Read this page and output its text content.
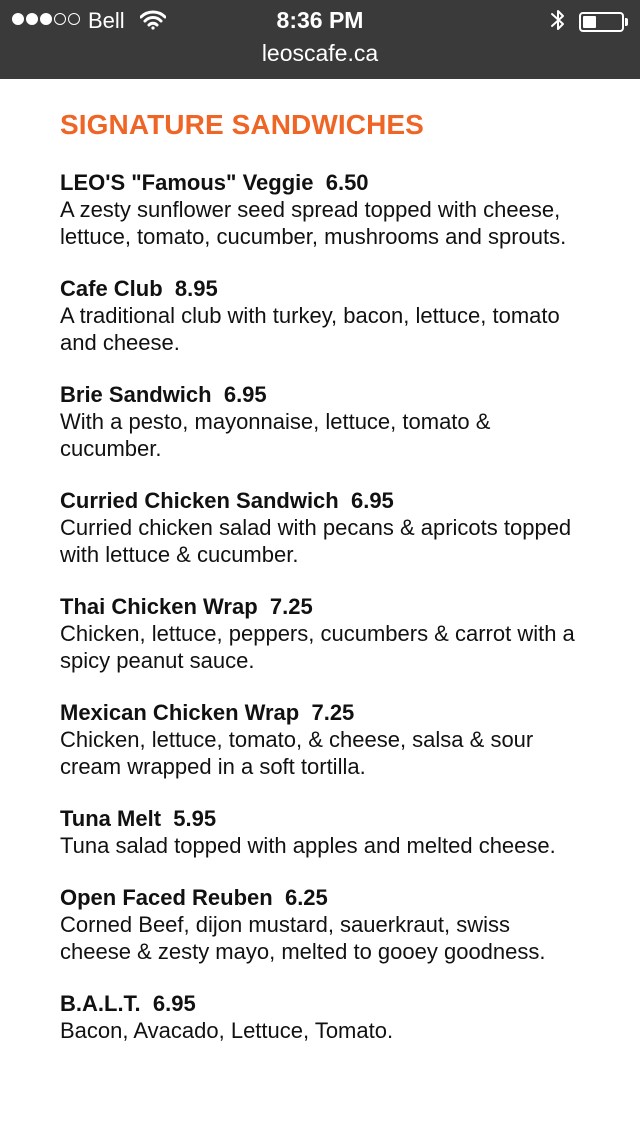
Bell	8:36 PM
leoscafe.ca
SIGNATURE SANDWICHES
LEO'S "Famous" Veggie 6.50
A zesty sunflower seed spread topped with cheese, lettuce, tomato, cucumber, mushrooms and sprouts.
Cafe Club 8.95
A traditional club with turkey, bacon, lettuce, tomato and cheese.
Brie Sandwich 6.95
With a pesto, mayonnaise, lettuce, tomato & cucumber.
Curried Chicken Sandwich 6.95
Curried chicken salad with pecans & apricots topped with lettuce & cucumber.
Thai Chicken Wrap 7.25
Chicken, lettuce, peppers, cucumbers & carrot with a spicy peanut sauce.
Mexican Chicken Wrap 7.25
Chicken, lettuce, tomato, & cheese, salsa & sour cream wrapped in a soft tortilla.
Tuna Melt 5.95
Tuna salad topped with apples and melted cheese.
Open Faced Reuben 6.25
Corned Beef, dijon mustard, sauerkraut, swiss cheese & zesty mayo, melted to gooey goodness.
B.A.L.T. 6.95
Bacon, Avacado, Lettuce, Tomato.
